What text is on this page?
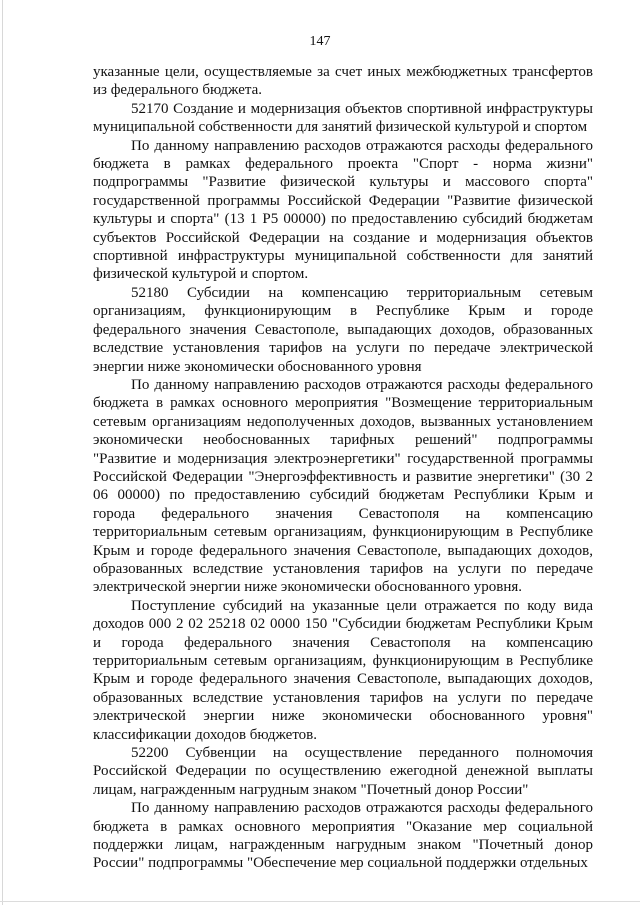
147

указанные цели, осуществляемые за счет иных межбюджетных трансфертов из федерального бюджета.

52170 Создание и модернизация объектов спортивной инфраструктуры муниципальной собственности для занятий физической культурой и спортом

По данному направлению расходов отражаются расходы федерального бюджета в рамках федерального проекта "Спорт - норма жизни" подпрограммы "Развитие физической культуры и массового спорта" государственной программы Российской Федерации "Развитие физической культуры и спорта" (13 1 P5 00000) по предоставлению субсидий бюджетам субъектов Российской Федерации на создание и модернизация объектов спортивной инфраструктуры муниципальной собственности для занятий физической культурой и спортом.

52180 Субсидии на компенсацию территориальным сетевым организациям, функционирующим в Республике Крым и городе федерального значения Севастополе, выпадающих доходов, образованных вследствие установления тарифов на услуги по передаче электрической энергии ниже экономически обоснованного уровня

По данному направлению расходов отражаются расходы федерального бюджета в рамках основного мероприятия "Возмещение территориальным сетевым организациям недополученных доходов, вызванных установлением экономически необоснованных тарифных решений" подпрограммы "Развитие и модернизация электроэнергетики" государственной программы Российской Федерации "Энергоэффективность и развитие энергетики" (30 2 06 00000) по предоставлению субсидий бюджетам Республики Крым и города федерального значения Севастополя на компенсацию территориальным сетевым организациям, функционирующим в Республике Крым и городе федерального значения Севастополе, выпадающих доходов, образованных вследствие установления тарифов на услуги по передаче электрической энергии ниже экономически обоснованного уровня.

Поступление субсидий на указанные цели отражается по коду вида доходов 000 2 02 25218 02 0000 150 "Субсидии бюджетам Республики Крым и города федерального значения Севастополя на компенсацию территориальным сетевым организациям, функционирующим в Республике Крым и городе федерального значения Севастополе, выпадающих доходов, образованных вследствие установления тарифов на услуги по передаче электрической энергии ниже экономически обоснованного уровня" классификации доходов бюджетов.

52200 Субвенции на осуществление переданного полномочия Российской Федерации по осуществлению ежегодной денежной выплаты лицам, награжденным нагрудным знаком "Почетный донор России"

По данному направлению расходов отражаются расходы федерального бюджета в рамках основного мероприятия "Оказание мер социальной поддержки лицам, награжденным нагрудным знаком "Почетный донор России" подпрограммы "Обеспечение мер социальной поддержки отдельных
